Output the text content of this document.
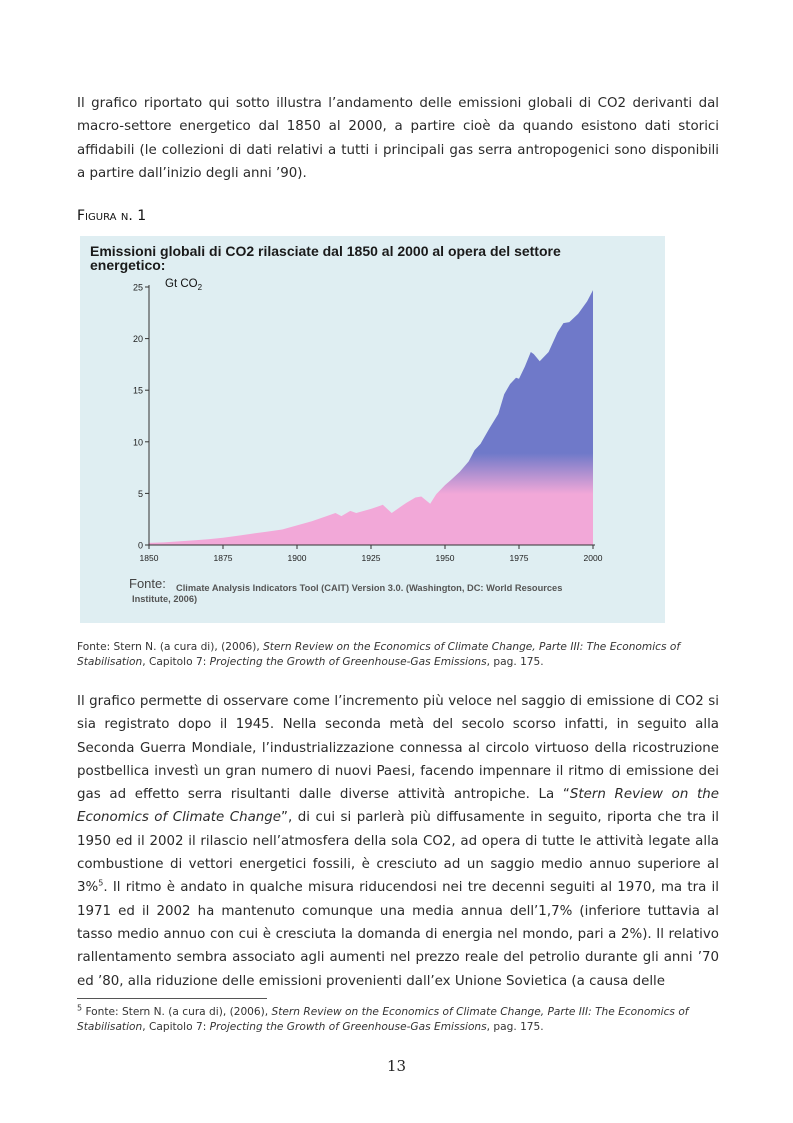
Il grafico riportato qui sotto illustra l’andamento delle emissioni globali di CO2 derivanti dal macro-settore energetico dal 1850 al 2000, a partire cioè da quando esistono dati storici affidabili (le collezioni di dati relativi a tutti i principali gas serra antropogenici sono disponibili a partire dall’inizio degli anni ’90).

Figura n. 1

Emissioni globali di CO2 rilasciate dal 1850 al 2000 al opera del settore energetico:
Gt $CO_2$
0
5
10
15
20
25
1850	1875	1900	1925	1950	1975	2000
Fonte: Climate Analysis Indicators Tool (CAIT) Version 3.0. (Washington, DC: World Resources
Institute, 2006)

Fonte: Stern N. (a cura di), (2006), Stern Review on the Economics of Climate Change, Parte III: The Economics of Stabilisation, Capitolo 7: Projecting the Growth of Greenhouse-Gas Emissions, pag. 175.

Il grafico permette di osservare come l’incremento più veloce nel saggio di emissione di CO2 si sia registrato dopo il 1945. Nella seconda metà del secolo scorso infatti, in seguito alla Seconda Guerra Mondiale, l’industrializzazione connessa al circolo virtuoso della ricostruzione postbellica investì un gran numero di nuovi Paesi, facendo impennare il ritmo di emissione dei gas ad effetto serra risultanti dalle diverse attività antropiche. La “Stern Review on the Economics of Climate Change”, di cui si parlerà più diffusamente in seguito, riporta che tra il 1950 ed il 2002 il rilascio nell’atmosfera della sola CO2, ad opera di tutte le attività legate alla combustione di vettori energetici fossili, è cresciuto ad un saggio medio annuo superiore al 3%$^5$. Il ritmo è andato in qualche misura riducendosi nei tre decenni seguiti al 1970, ma tra il 1971 ed il 2002 ha mantenuto comunque una media annua dell’1,7% (inferiore tuttavia al tasso medio annuo con cui è cresciuta la domanda di energia nel mondo, pari a 2%). Il relativo rallentamento sembra associato agli aumenti nel prezzo reale del petrolio durante gli anni ’70 ed ’80, alla riduzione delle emissioni provenienti dall’ex Unione Sovietica (a causa delle

$^5$ Fonte: Stern N. (a cura di), (2006), Stern Review on the Economics of Climate Change, Parte III: The Economics of Stabilisation, Capitolo 7: Projecting the Growth of Greenhouse-Gas Emissions, pag. 175.

13
